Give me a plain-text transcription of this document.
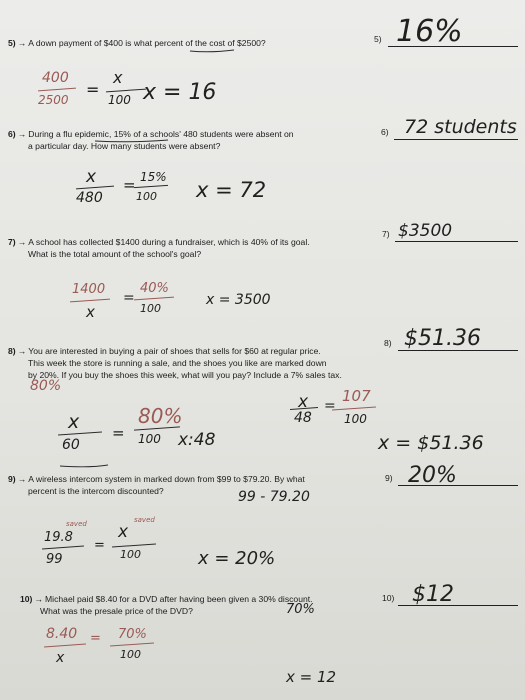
5) → A down payment of $400 is what percent of the cost of $2500?	5) 16%
400
2500
=
x
100 x = 16
6) → During a flu epidemic, 15% of a schools' 480 students were absent on
a particular day. How many students were absent?
6) 72 students
x
480
= 15%
100 x = 72
7) → A school has collected $1400 during a fundraiser, which is 40% of its goal.
What is the total amount of the school's goal?
7) $3500
1400
x
=
40%
100
x = 3500
8) → You are interested in buying a pair of shoes that sells for $60 at regular price.
This week the store is running a sale, and the shoes you like are marked down
by 20%. If you buy the shoes this week, what will you pay? Include a 7% sales tax.
8) $51.36
80%
x
60
=
80%
100 x:48
x
48
=
107
100
x = $51.36
9) → A wireless intercom system in marked down from $99 to $79.20. By what
percent is the intercom discounted?
9) 20%
99 - 79.20
19.8
saved
99
=
x
saved
100	x = 20%
10) → Michael paid $8.40 for a DVD after having been given a 30% discount.
What was the presale price of the DVD?
10) $12
70%
8.40
x
= 70%
100
x = 12
